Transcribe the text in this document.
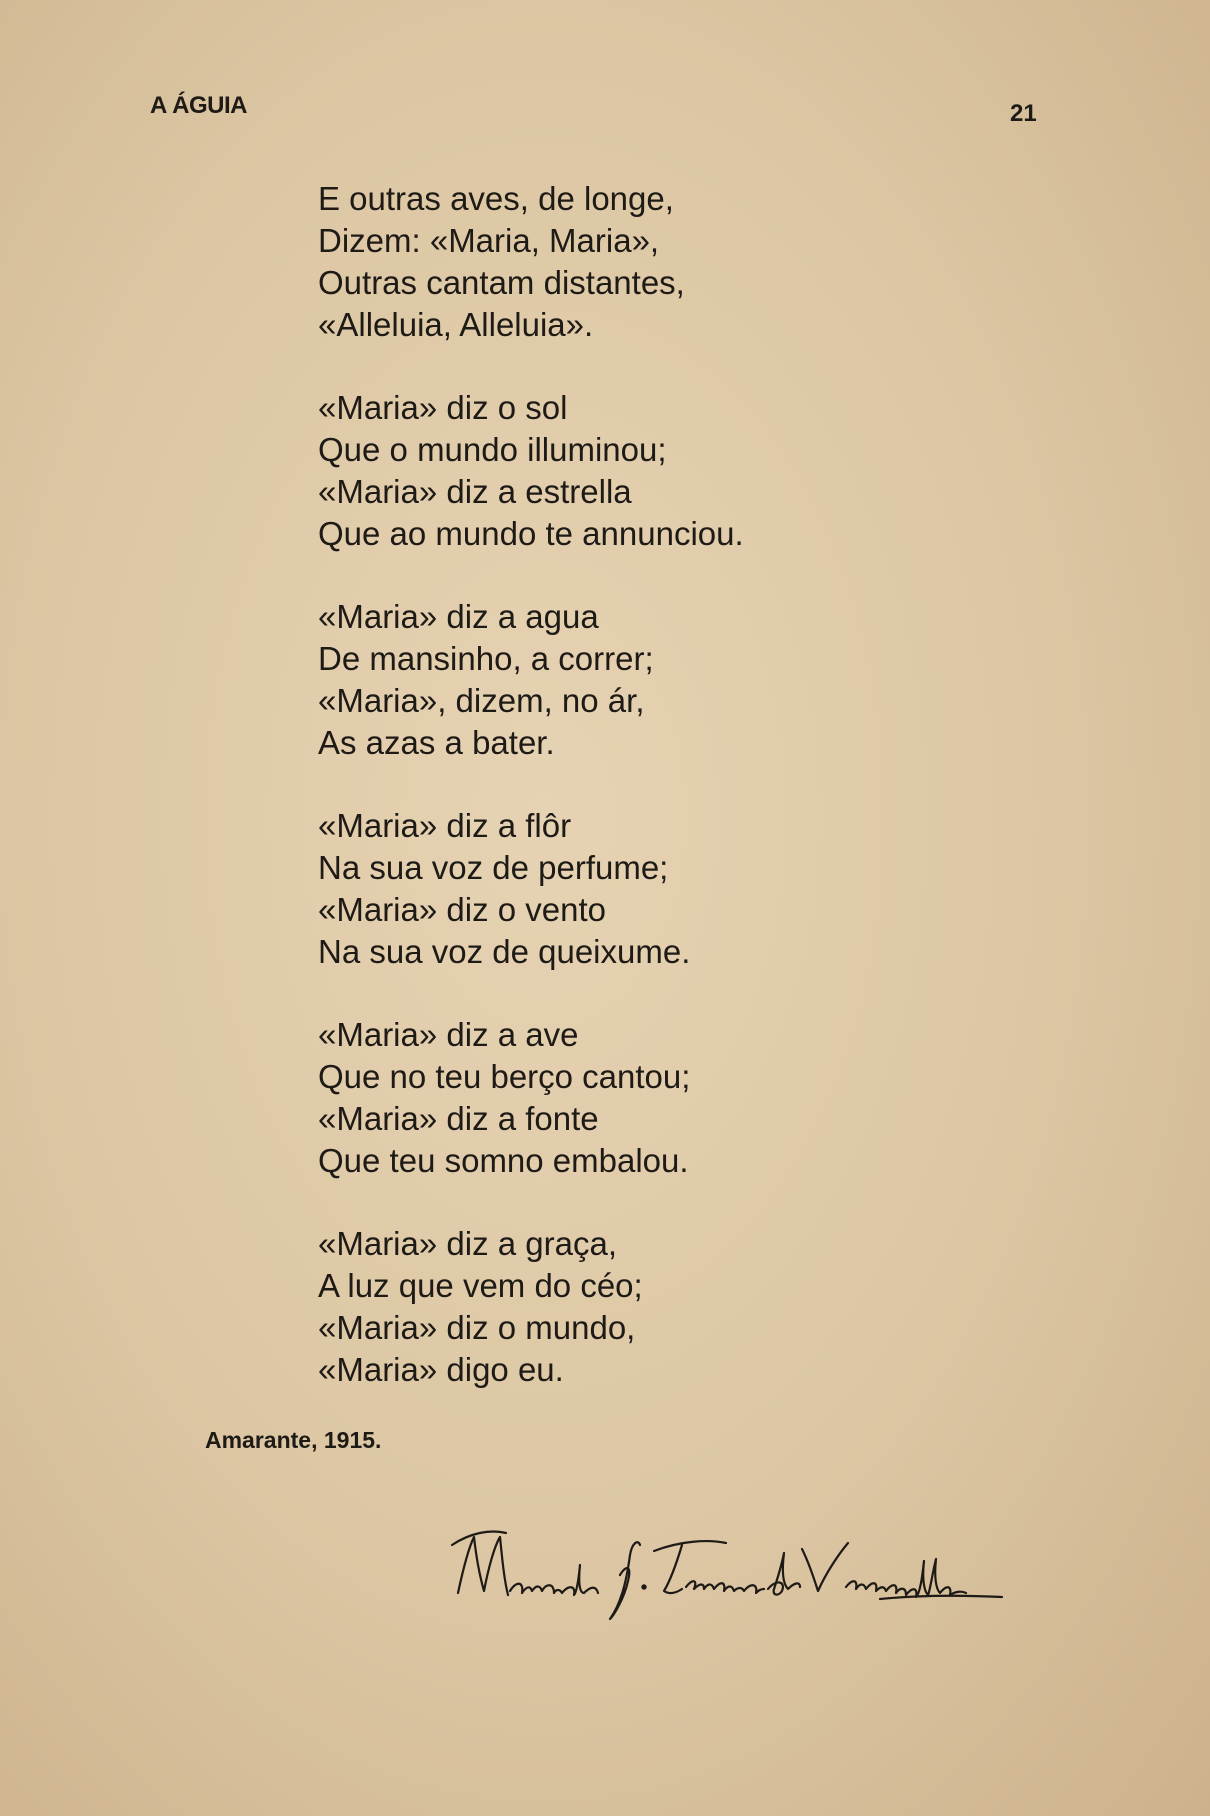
A ÁGUIA	21
E outras aves, de longe,
Dizem: «Maria, Maria»,
Outras cantam distantes,
«Alleluia, Alleluia».
«Maria» diz o sol
Que o mundo illuminou;
«Maria» diz a estrella
Que ao mundo te annunciou.
«Maria» diz a agua
De mansinho, a correr;
«Maria», dizem, no ár,
As azas a bater.
«Maria» diz a flôr
Na sua voz de perfume;
«Maria» diz o vento
Na sua voz de queixume.
«Maria» diz a ave
Que no teu berço cantou;
«Maria» diz a fonte
Que teu somno embalou.
«Maria» diz a graça,
A luz que vem do céo;
«Maria» diz o mundo,
«Maria» digo eu.
Amarante, 1915.
